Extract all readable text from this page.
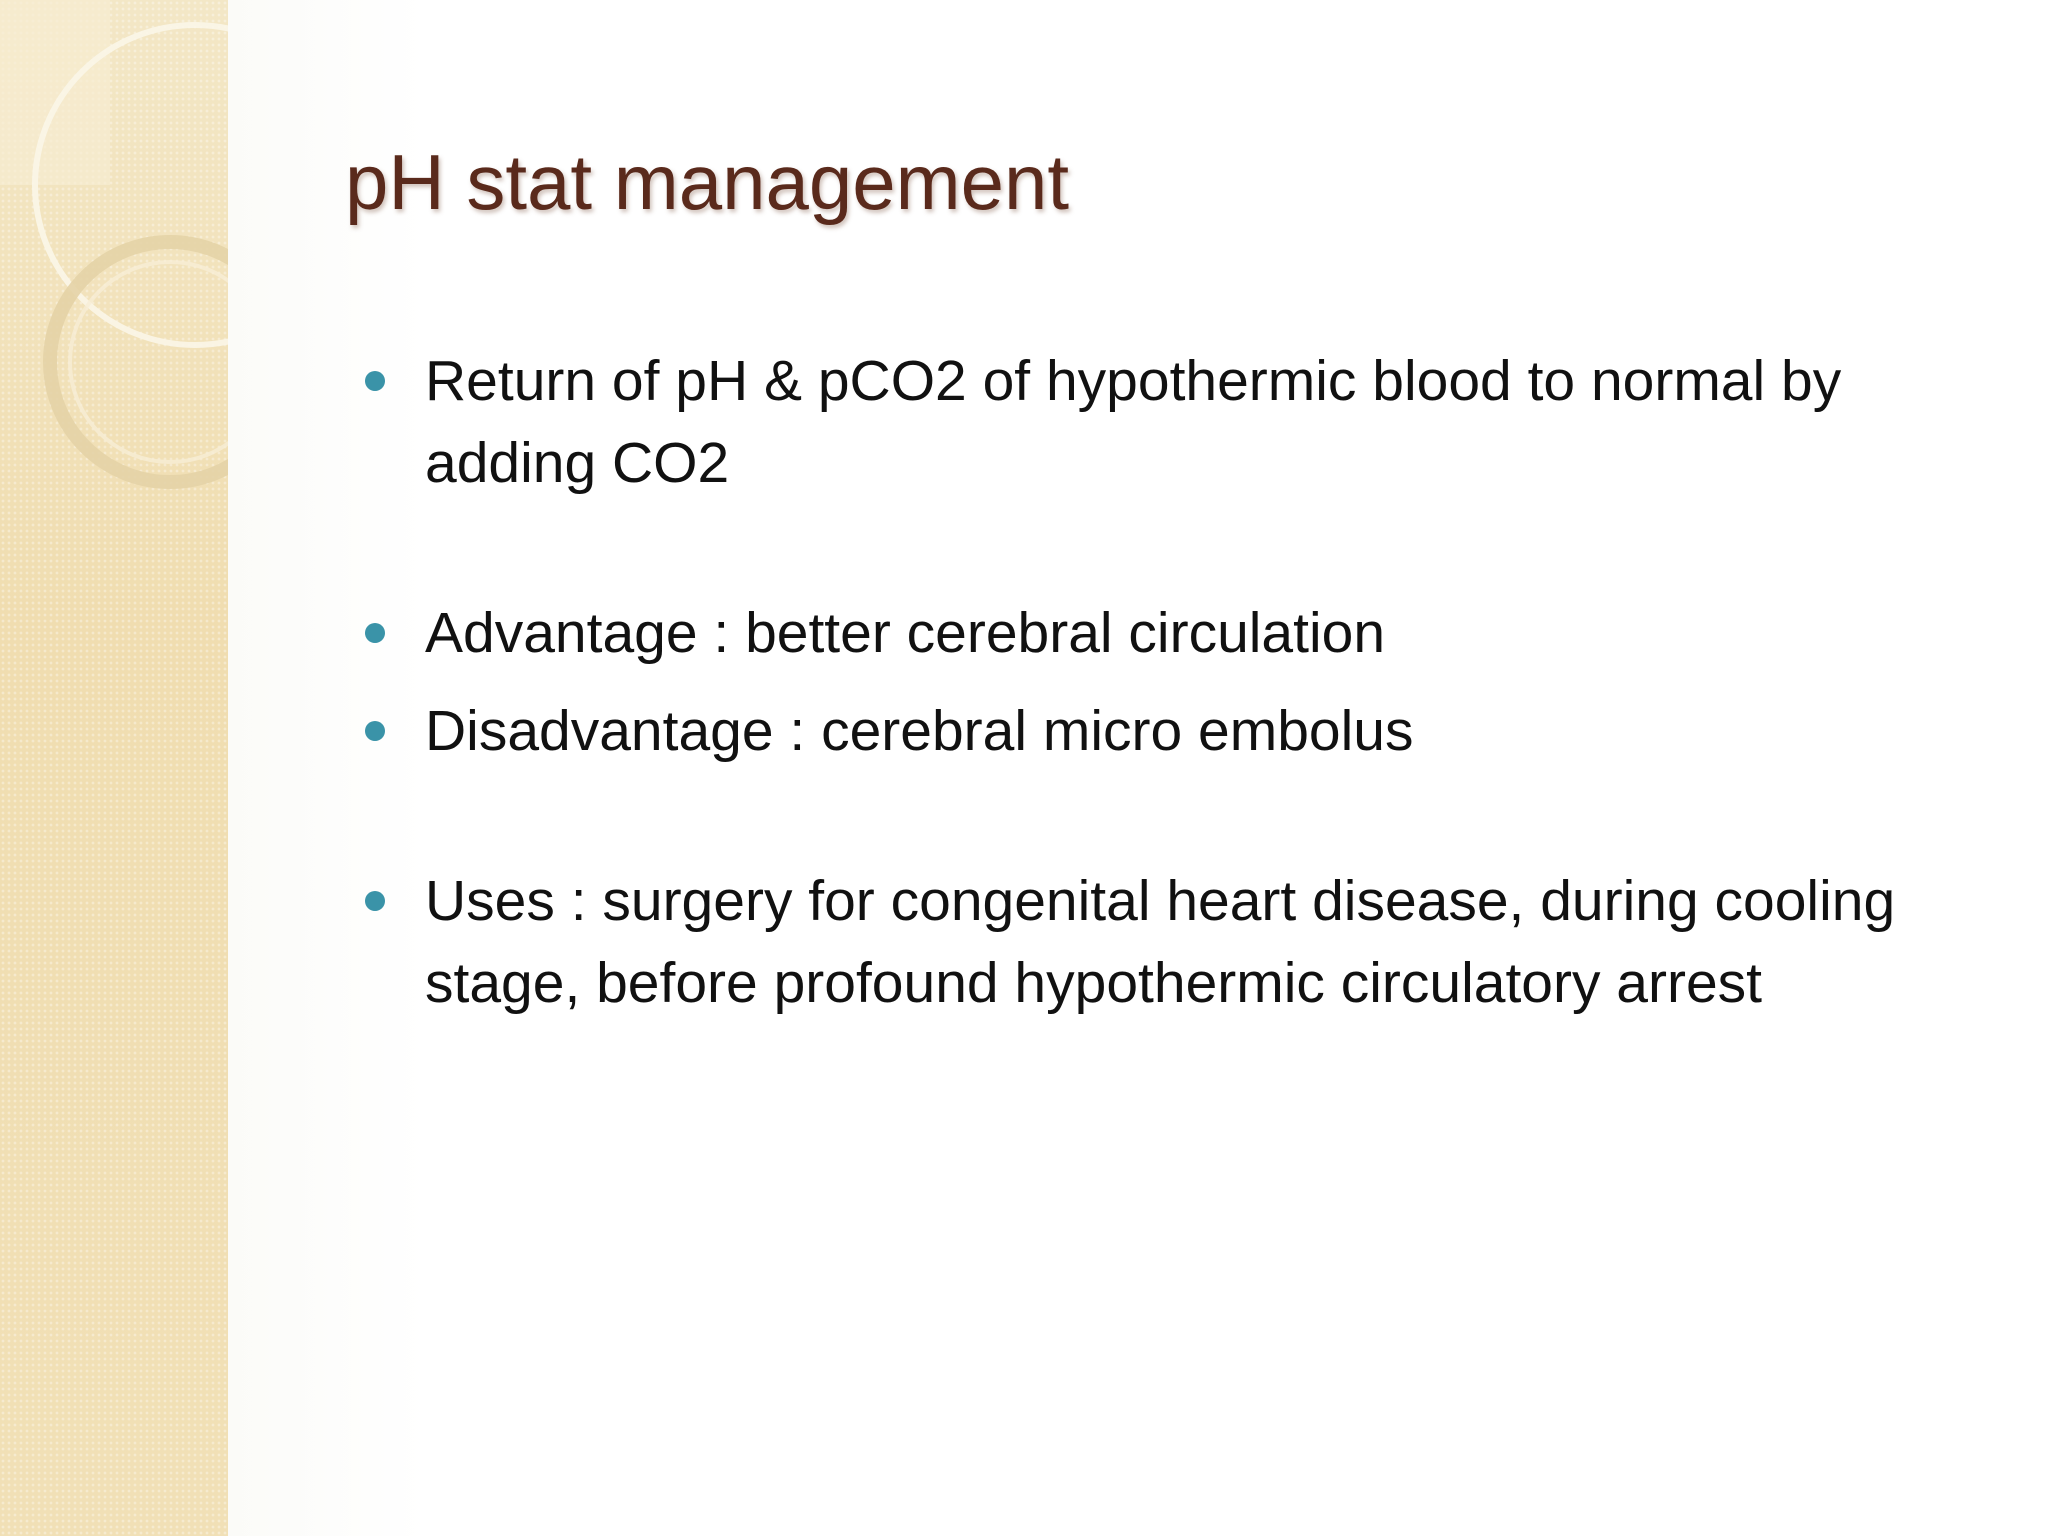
pH stat management
Return of pH & pCO2 of hypothermic blood to normal by adding CO2
Advantage : better cerebral circulation
Disadvantage : cerebral micro embolus
Uses : surgery for congenital heart disease, during cooling stage, before profound hypothermic circulatory arrest
